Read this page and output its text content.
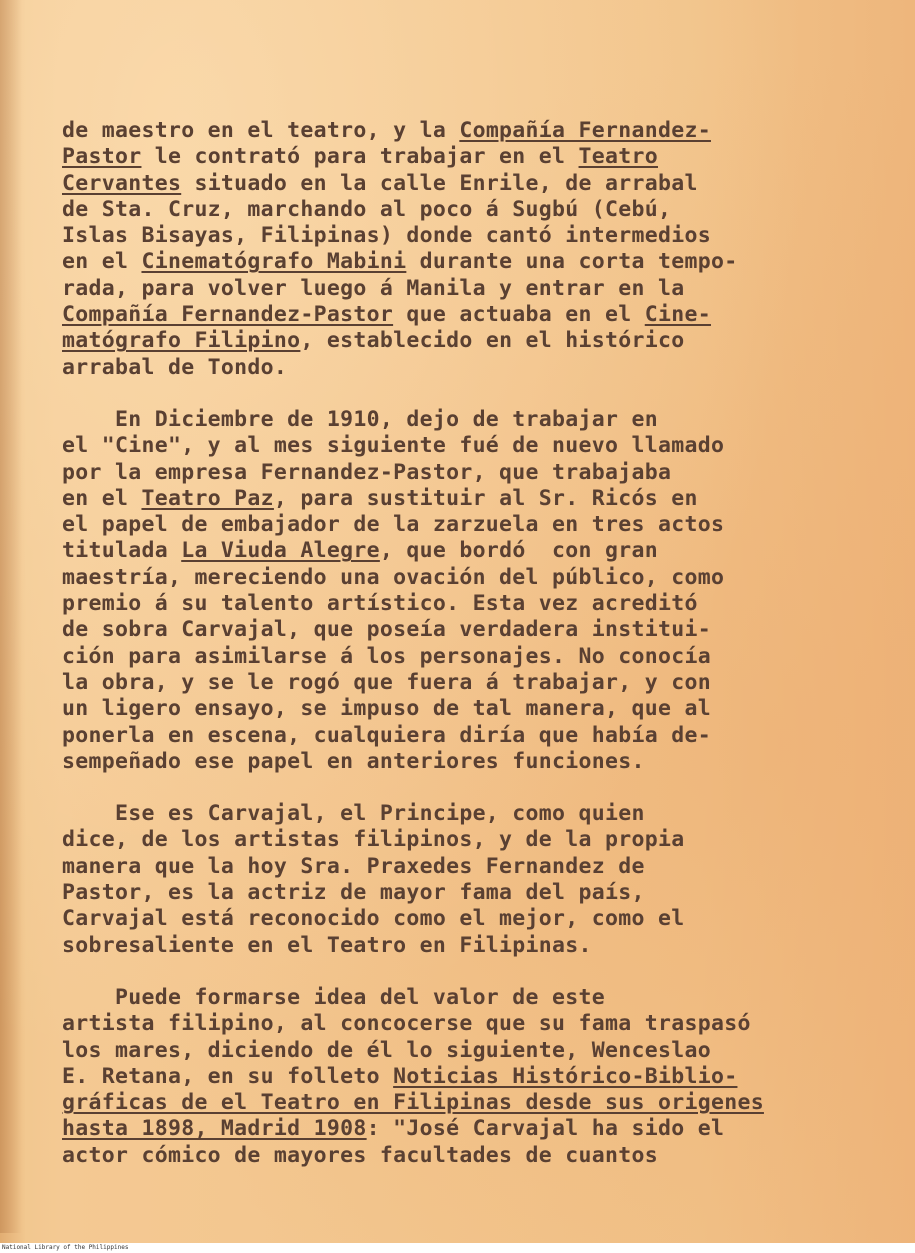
de maestro en el teatro, y la Compañía Fernandez-
Pastor le contrató para trabajar en el Teatro
Cervantes situado en la calle Enrile, de arrabal
de Sta. Cruz, marchando al poco á Sugbú (Cebú,
Islas Bisayas, Filipinas) donde cantó intermedios
en el Cinematógrafo Mabini durante una corta tempo-
rada, para volver luego á Manila y entrar en la
Compañía Fernandez-Pastor que actuaba en el Cine-
matógrafo Filipino, establecido en el histórico
arrabal de Tondo.
En Diciembre de 1910, dejo de trabajar en
el "Cine", y al mes siguiente fué de nuevo llamado
por la empresa Fernandez-Pastor, que trabajaba
en el Teatro Paz, para sustituir al Sr. Ricós en
el papel de embajador de la zarzuela en tres actos
titulada La Viuda Alegre, que bordó  con gran
maestría, mereciendo una ovación del público, como
premio á su talento artístico. Esta vez acreditó
de sobra Carvajal, que poseía verdadera institui-
ción para asimilarse á los personajes. No conocía
la obra, y se le rogó que fuera á trabajar, y con
un ligero ensayo, se impuso de tal manera, que al
ponerla en escena, cualquiera diría que había de-
sempeñado ese papel en anteriores funciones.
Ese es Carvajal, el Principe, como quien
dice, de los artistas filipinos, y de la propia
manera que la hoy Sra. Praxedes Fernandez de
Pastor, es la actriz de mayor fama del país,
Carvajal está reconocido como el mejor, como el
sobresaliente en el Teatro en Filipinas.
Puede formarse idea del valor de este
artista filipino, al concocerse que su fama traspasó
los mares, diciendo de él lo siguiente, Wenceslao
E. Retana, en su folleto Noticias Histórico-Biblio-
gráficas de el Teatro en Filipinas desde sus origenes
hasta 1898, Madrid 1908: "José Carvajal ha sido el
actor cómico de mayores facultades de cuantos
National Library of the Philippines
